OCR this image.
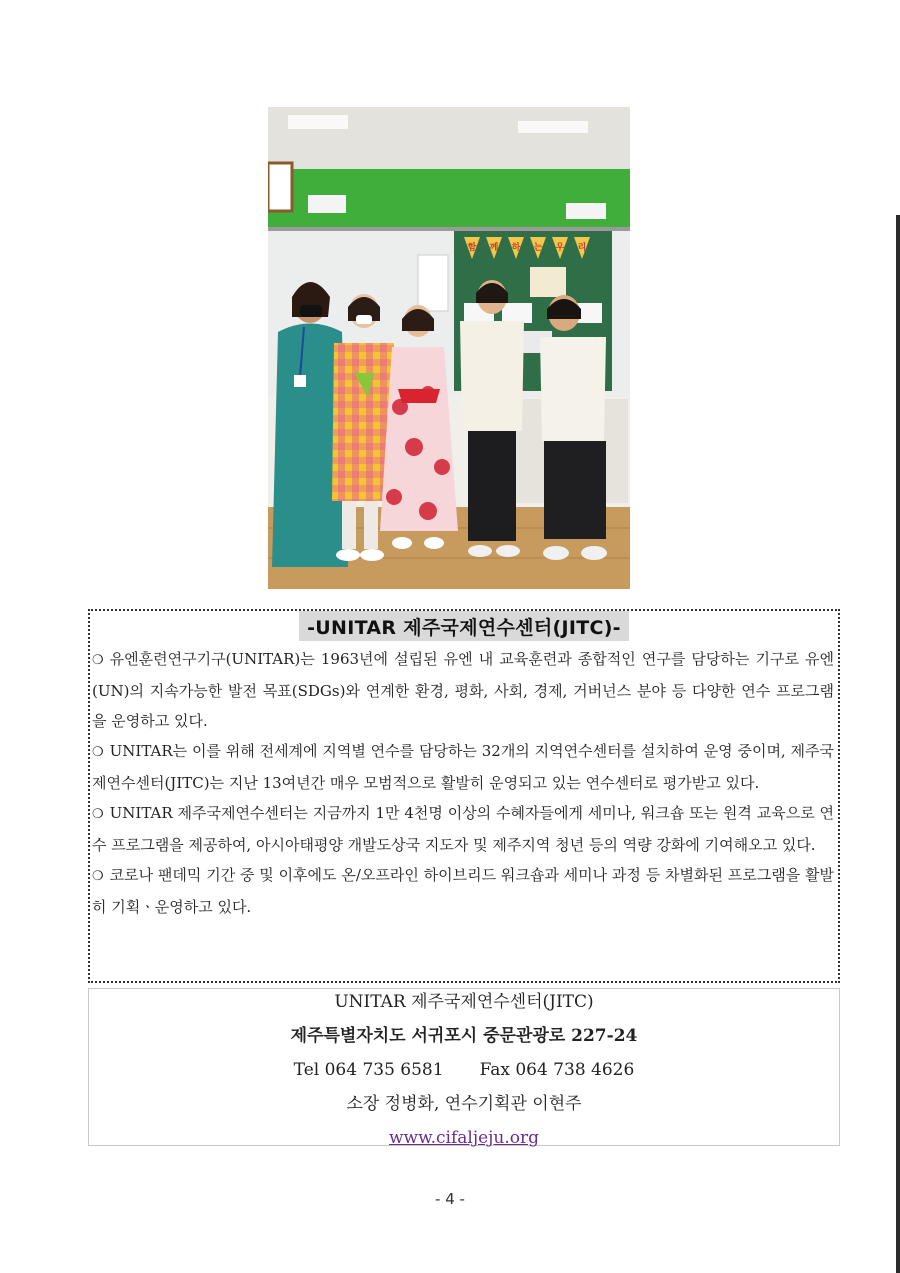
함 께 하 는 우 리
-UNITAR 제주국제연수센터(JITC)-

❍ 유엔훈련연구기구(UNITAR)는 1963년에 설립된 유엔 내 교육훈련과 종합적인 연구를 담당하는 기구로 유엔(UN)의 지속가능한 발전 목표(SDGs)와 연계한 환경, 평화, 사회, 경제, 거버넌스 분야 등 다양한 연수 프로그램을 운영하고 있다.

❍ UNITAR는 이를 위해 전세계에 지역별 연수를 담당하는 32개의 지역연수센터를 설치하여 운영 중이며, 제주국제연수센터(JITC)는 지난 13여년간 매우 모범적으로 활발히 운영되고 있는 연수센터로 평가받고 있다.

❍ UNITAR 제주국제연수센터는 지금까지 1만 4천명 이상의 수혜자들에게 세미나, 워크숍 또는 원격 교육으로 연수 프로그램을 제공하여, 아시아태평양 개발도상국 지도자 및 제주지역 청년 등의 역량 강화에 기여해오고 있다.

❍ 코로나 팬데믹 기간 중 및 이후에도 온/오프라인 하이브리드 워크숍과 세미나 과정 등 차별화된 프로그램을 활발히 기획ㆍ운영하고 있다.

UNITAR 제주국제연수센터(JITC)
제주특별자치도 서귀포시 중문관광로 227-24
Tel 064 735 6581 Fax 064 738 4626
소장 정병화, 연수기획관 이현주
www.cifaljeju.org
- 4 -
